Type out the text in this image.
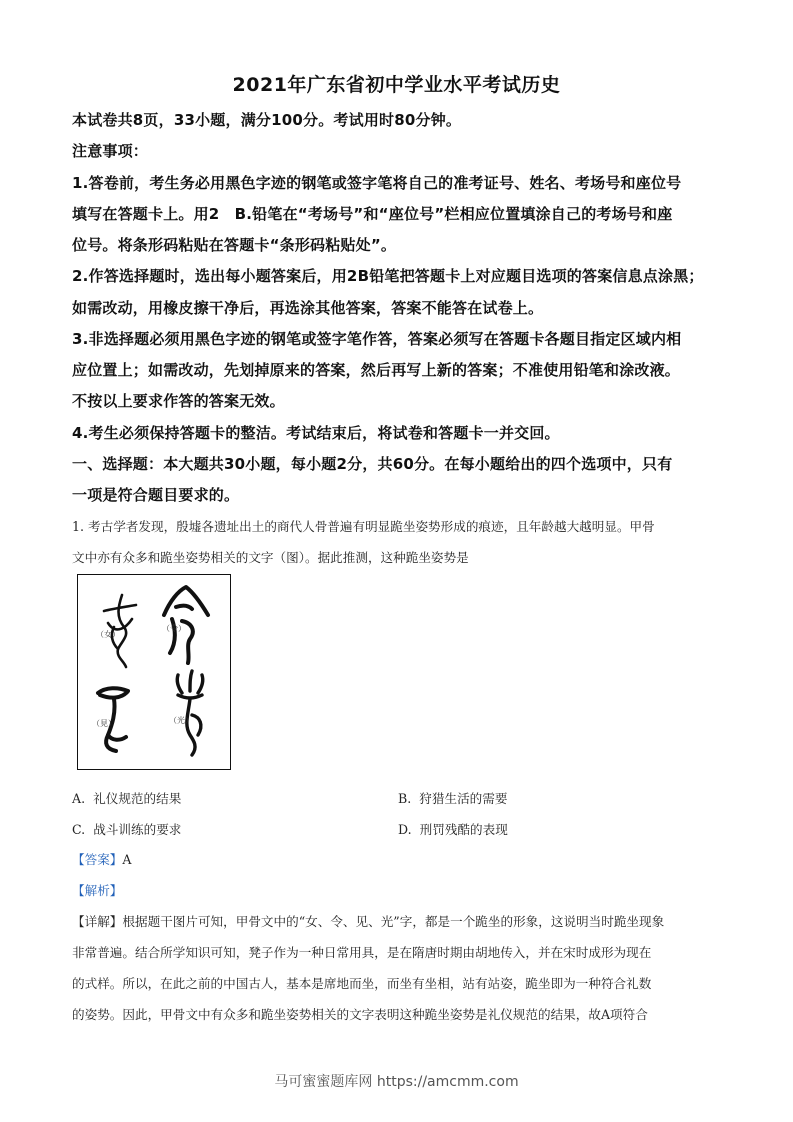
2021年广东省初中学业水平考试历史
本试卷共8页，33小题，满分100分。考试用时80分钟。
注意事项：
1.答卷前，考生务必用黑色字迹的钢笔或签字笔将自己的准考证号、姓名、考场号和座位号
填写在答题卡上。用2　B.铅笔在“考场号”和“座位号”栏相应位置填涂自己的考场号和座
位号。将条形码粘贴在答题卡“条形码粘贴处”。
2.作答选择题时，选出每小题答案后，用2B铅笔把答题卡上对应题目选项的答案信息点涂黑；
如需改动，用橡皮擦干净后，再选涂其他答案，答案不能答在试卷上。
3.非选择题必须用黑色字迹的钢笔或签字笔作答，答案必须写在答题卡各题目指定区域内相
应位置上；如需改动，先划掉原来的答案，然后再写上新的答案；不准使用铅笔和涂改液。
不按以上要求作答的答案无效。
4.考生必须保持答题卡的整洁。考试结束后，将试卷和答题卡一并交回。
一、选择题：本大题共30小题，每小题2分，共60分。在每小题给出的四个选项中，只有
一项是符合题目要求的。
1. 考古学者发现，殷墟各遗址出土的商代人骨普遍有明显跪坐姿势形成的痕迹，且年龄越大越明显。甲骨
文中亦有众多和跪坐姿势相关的文字（图）。据此推测，这种跪坐姿势是
（女）
（令）
（見）	（光）
A. 礼仪规范的结果	B. 狩猎生活的需要
C. 战斗训练的要求	D. 刑罚残酷的表现
【答案】A
【解析】
【详解】根据题干图片可知，甲骨文中的“女、令、见、光”字，都是一个跪坐的形象，这说明当时跪坐现象
非常普遍。结合所学知识可知，凳子作为一种日常用具，是在隋唐时期由胡地传入，并在宋时成形为现在
的式样。所以，在此之前的中国古人，基本是席地而坐，而坐有坐相，站有站姿，跪坐即为一种符合礼数
的姿势。因此，甲骨文中有众多和跪坐姿势相关的文字表明这种跪坐姿势是礼仪规范的结果，故A项符合
马可蜜蜜题库网 https://amcmm.com
